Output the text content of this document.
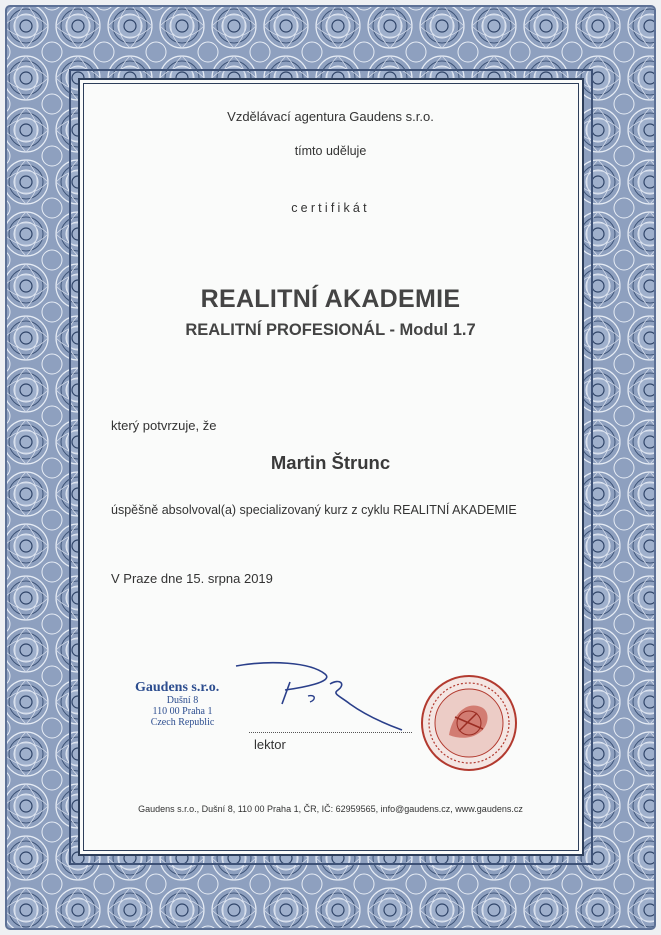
Vzdělávací agentura Gaudens s.r.o.
tímto uděluje
certifikát
REALITNÍ AKADEMIE
REALITNÍ PROFESIONÁL - Modul 1.7
který potvrzuje, že
Martin Štrunc
úspěšně absolvoval(a) specializovaný kurz z cyklu REALITNÍ AKADEMIE
V Praze dne 15. srpna 2019
Gaudens s.r.o.
Dušní 8
110 00 Praha 1
Czech Republic
lektor
Gaudens s.r.o., Dušní 8, 110 00 Praha 1, ČR, IČ: 62959565, info@gaudens.cz, www.gaudens.cz
